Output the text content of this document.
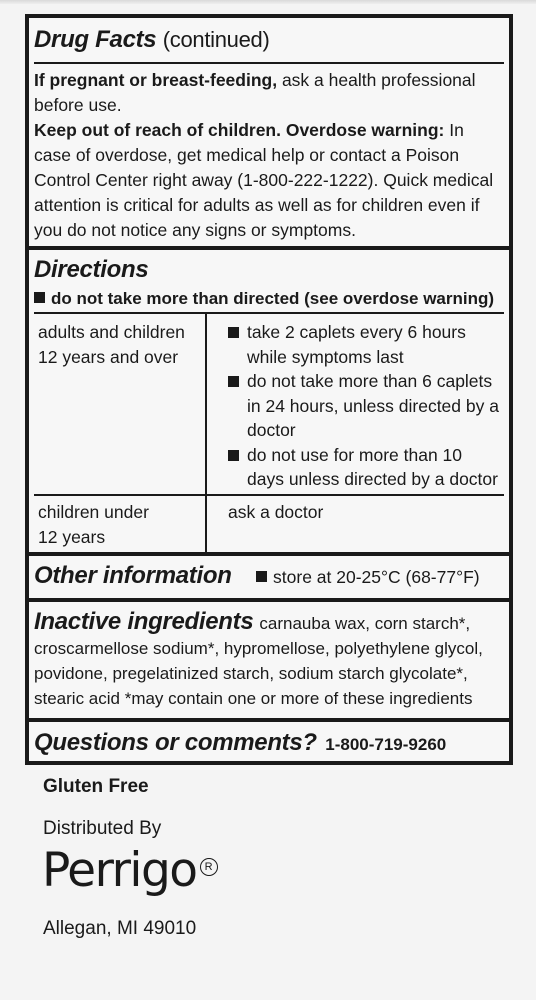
Drug Facts (continued)
If pregnant or breast-feeding, ask a health professional before use.
Keep out of reach of children. Overdose warning: In case of overdose, get medical help or contact a Poison Control Center right away (1-800-222-1222). Quick medical attention is critical for adults as well as for children even if you do not notice any signs or symptoms.
Directions
do not take more than directed (see overdose warning)
adults and children 12 years and over
take 2 caplets every 6 hours while symptoms last
do not take more than 6 caplets in 24 hours, unless directed by a doctor
do not use for more than 10 days unless directed by a doctor
children under 12 years
ask a doctor
Other information store at 20-25°C (68-77°F)
Inactive ingredients carnauba wax, corn starch*, croscarmellose sodium*, hypromellose, polyethylene glycol, povidone, pregelatinized starch, sodium starch glycolate*, stearic acid *may contain one or more of these ingredients
Questions or comments? 1-800-719-9260
Gluten Free
Distributed By
Perrigo R
Allegan, MI 49010
